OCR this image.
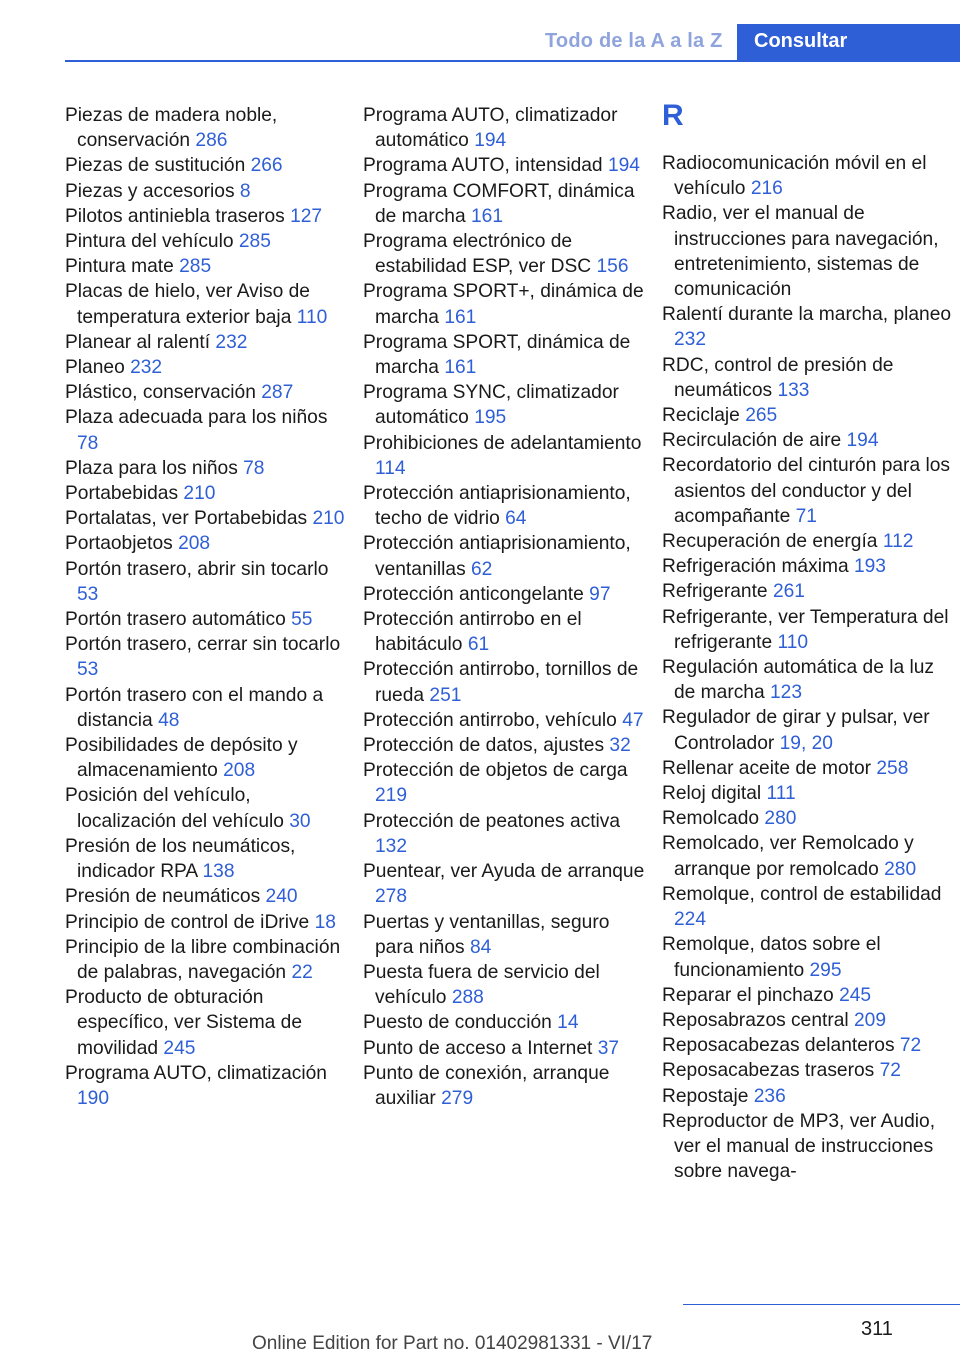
Todo de la A a la Z	Consultar
Piezas de madera noble, conservación 286
Piezas de sustitución 266
Piezas y accesorios 8
Pilotos antiniebla traseros 127
Pintura del vehículo 285
Pintura mate 285
Placas de hielo, ver Aviso de temperatura exterior baja 110
Planear al ralentí 232
Planeo 232
Plástico, conservación 287
Plaza adecuada para los niños 78
Plaza para los niños 78
Portabebidas 210
Portalatas, ver Portabebidas 210
Portaobjetos 208
Portón trasero, abrir sin tocarlo 53
Portón trasero automático 55
Portón trasero, cerrar sin tocarlo 53
Portón trasero con el mando a distancia 48
Posibilidades de depósito y almacenamiento 208
Posición del vehículo, localización del vehículo 30
Presión de los neumáticos, indicador RPA 138
Presión de neumáticos 240
Principio de control de iDrive 18
Principio de la libre combinación de palabras, navegación 22
Producto de obturación específico, ver Sistema de movilidad 245
Programa AUTO, climatización 190
Programa AUTO, climatizador automático 194
Programa AUTO, intensidad 194
Programa COMFORT, dinámica de marcha 161
Programa electrónico de estabilidad ESP, ver DSC 156
Programa SPORT+, dinámica de marcha 161
Programa SPORT, dinámica de marcha 161
Programa SYNC, climatizador automático 195
Prohibiciones de adelantamiento 114
Protección antiaprisionamiento, techo de vidrio 64
Protección antiaprisionamiento, ventanillas 62
Protección anticongelante 97
Protección antirrobo en el habitáculo 61
Protección antirrobo, tornillos de rueda 251
Protección antirrobo, vehículo 47
Protección de datos, ajustes 32
Protección de objetos de carga 219
Protección de peatones activa 132
Puentear, ver Ayuda de arranque 278
Puertas y ventanillas, seguro para niños 84
Puesta fuera de servicio del vehículo 288
Puesto de conducción 14
Punto de acceso a Internet 37
Punto de conexión, arranque auxiliar 279
R
Radiocomunicación móvil en el vehículo 216
Radio, ver el manual de instrucciones para navegación, entretenimiento, sistemas de comunicación
Ralentí durante la marcha, planeo 232
RDC, control de presión de neumáticos 133
Reciclaje 265
Recirculación de aire 194
Recordatorio del cinturón para los asientos del conductor y del acompañante 71
Recuperación de energía 112
Refrigeración máxima 193
Refrigerante 261
Refrigerante, ver Temperatura del refrigerante 110
Regulación automática de la luz de marcha 123
Regulador de girar y pulsar, ver Controlador 19, 20
Rellenar aceite de motor 258
Reloj digital 111
Remolcado 280
Remolcado, ver Remolcado y arranque por remolcado 280
Remolque, control de estabilidad 224
Remolque, datos sobre el funcionamiento 295
Reparar el pinchazo 245
Reposabrazos central 209
Reposacabezas delanteros 72
Reposacabezas traseros 72
Repostaje 236
Reproductor de MP3, ver Audio, ver el manual de instrucciones sobre navega-
311
Online Edition for Part no. 01402981331 - VI/17
